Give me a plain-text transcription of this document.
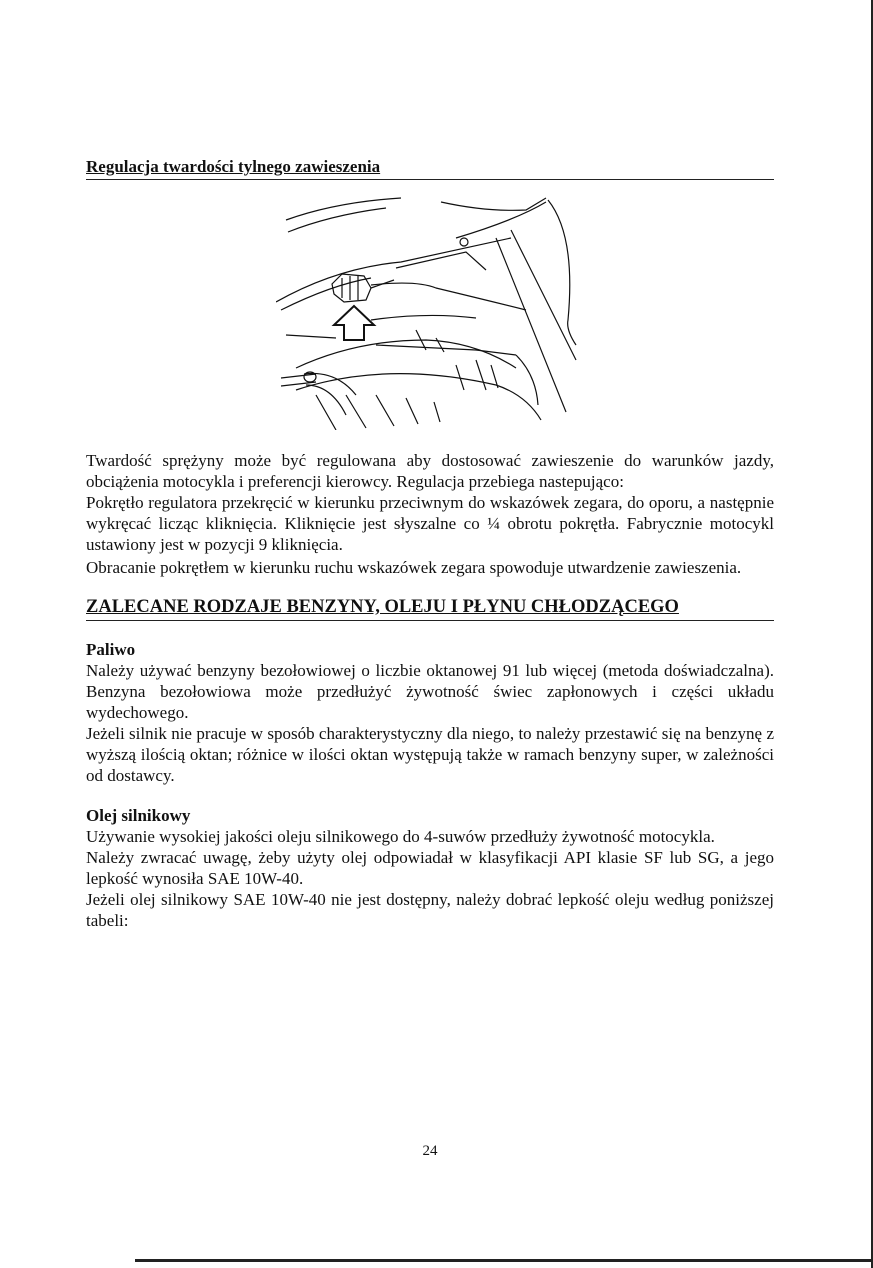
Regulacja twardości tylnego zawieszenia

Twardość sprężyny może być regulowana aby dostosować zawieszenie do warunków jazdy, obciążenia motocykla i preferencji kierowcy. Regulacja przebiega nastepująco:

Pokrętło regulatora przekręcić w kierunku przeciwnym do wskazówek zegara, do oporu, a następnie wykręcać licząc kliknięcia. Kliknięcie jest słyszalne co ¼ obrotu pokrętła. Fabrycznie motocykl ustawiony jest w pozycji 9 kliknięcia.

Obracanie pokrętłem w kierunku ruchu wskazówek zegara spowoduje utwardzenie zawieszenia.

ZALECANE RODZAJE BENZYNY, OLEJU I PŁYNU CHŁODZĄCEGO
Paliwo

Należy używać benzyny bezołowiowej o liczbie oktanowej 91 lub więcej (metoda doświadczalna). Benzyna bezołowiowa może przedłużyć żywotność świec zapłonowych i części układu wydechowego.

Jeżeli silnik nie pracuje w sposób charakterystyczny dla niego, to należy przestawić się na benzynę z wyższą ilością oktan; różnice w ilości oktan występują także w ramach benzyny super, w zależności od dostawcy.

Olej silnikowy

Używanie wysokiej jakości oleju silnikowego do 4-suwów przedłuży żywotność motocykla.

Należy zwracać uwagę, żeby użyty olej odpowiadał w klasyfikacji API klasie SF lub SG, a jego lepkość wynosiła SAE 10W-40.

Jeżeli olej silnikowy SAE 10W-40 nie jest dostępny, należy dobrać lepkość oleju według poniższej tabeli:

24
